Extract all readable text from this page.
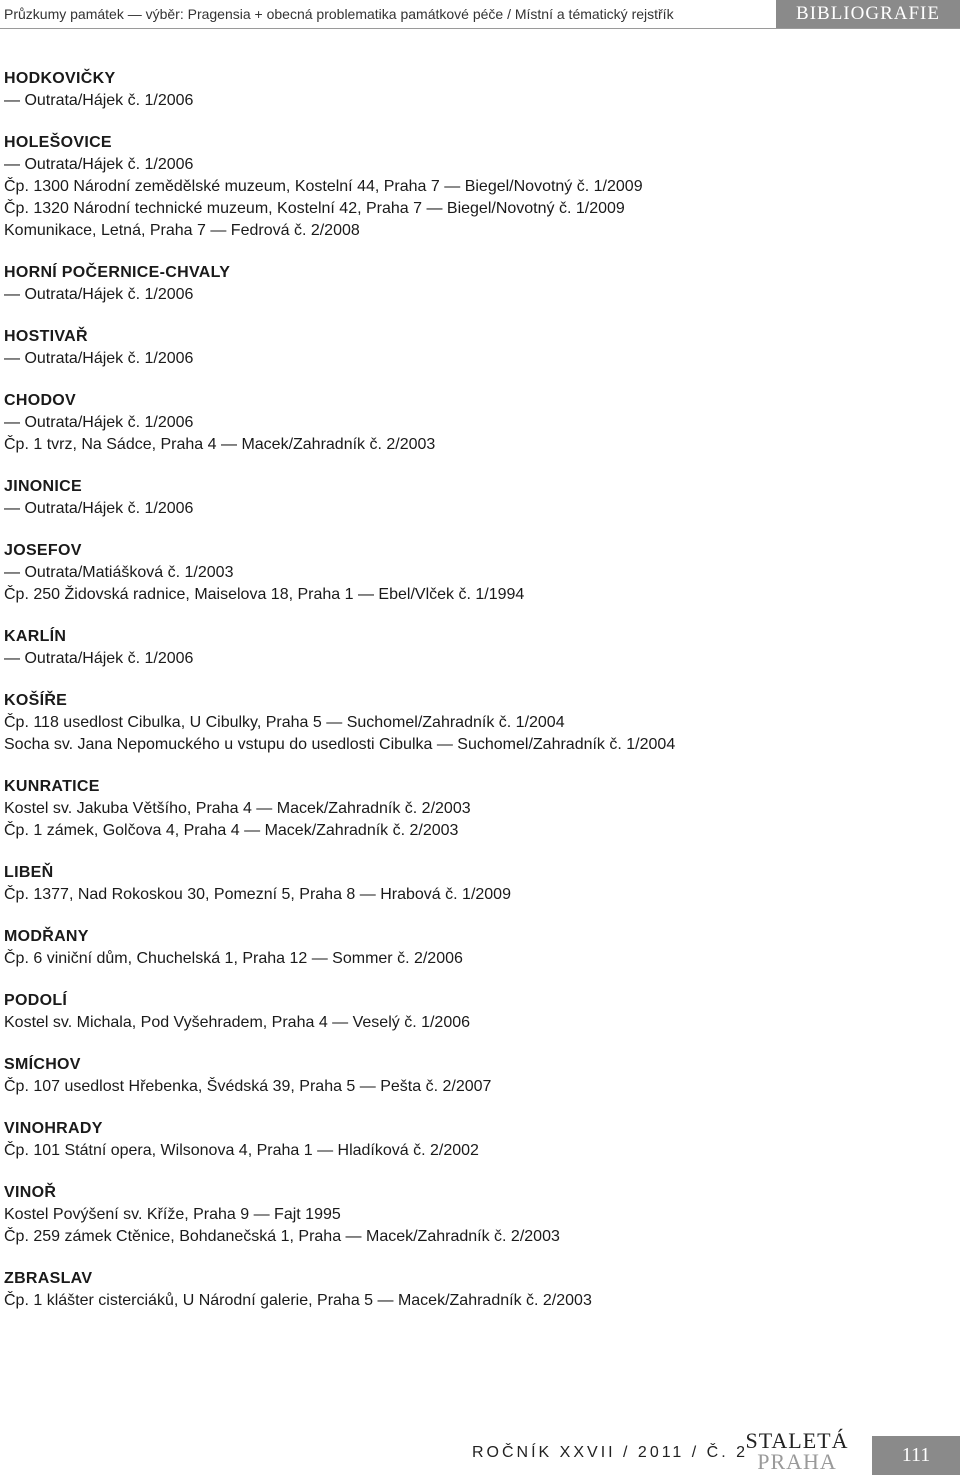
Průzkumy památek — výběr: Pragensia + obecná problematika památkové péče / Místní a tématický rejstřík	BIBLIOGRAFIE
HODKOVIČKY
— Outrata/Hájek č. 1/2006
HOLEŠOVICE
— Outrata/Hájek č. 1/2006
Čp. 1300 Národní zemědělské muzeum, Kostelní 44, Praha 7 — Biegel/Novotný č. 1/2009
Čp. 1320 Národní technické muzeum, Kostelní 42, Praha 7 — Biegel/Novotný č. 1/2009
Komunikace, Letná, Praha 7 — Fedrová č. 2/2008
HORNÍ POČERNICE-CHVALY
— Outrata/Hájek č. 1/2006
HOSTIVAŘ
— Outrata/Hájek č. 1/2006
CHODOV
— Outrata/Hájek č. 1/2006
Čp. 1 tvrz, Na Sádce, Praha 4 — Macek/Zahradník č. 2/2003
JINONICE
— Outrata/Hájek č. 1/2006
JOSEFOV
— Outrata/Matiášková č. 1/2003
Čp. 250 Židovská radnice, Maiselova 18, Praha 1 — Ebel/Vlček č. 1/1994
KARLÍN
— Outrata/Hájek č. 1/2006
KOŠÍŘE
Čp. 118 usedlost Cibulka, U Cibulky, Praha 5 — Suchomel/Zahradník č. 1/2004
Socha sv. Jana Nepomuckého u vstupu do usedlosti Cibulka — Suchomel/Zahradník č. 1/2004
KUNRATICE
Kostel sv. Jakuba Většího, Praha 4 — Macek/Zahradník č. 2/2003
Čp. 1 zámek, Golčova 4, Praha 4 — Macek/Zahradník č. 2/2003
LIBEŇ
Čp. 1377, Nad Rokoskou 30, Pomezní 5, Praha 8 — Hrabová č. 1/2009
MODŘANY
Čp. 6 viniční dům, Chuchelská 1, Praha 12 — Sommer č. 2/2006
PODOLÍ
Kostel sv. Michala, Pod Vyšehradem, Praha 4 — Veselý č. 1/2006
SMÍCHOV
Čp. 107 usedlost Hřebenka, Švédská 39, Praha 5 — Pešta č. 2/2007
VINOHRADY
Čp. 101 Státní opera, Wilsonova 4, Praha 1 — Hladíková č. 2/2002
VINOŘ
Kostel Povýšení sv. Kříže, Praha 9 — Fajt 1995
Čp. 259 zámek Ctěnice, Bohdanečská 1, Praha — Macek/Zahradník č. 2/2003
ZBRASLAV
Čp. 1 klášter cisterciáků, U Národní galerie, Praha 5 — Macek/Zahradník č. 2/2003
ROČNÍK XXVII / 2011 / Č. 2
STALETÁ
PRAHA	111
